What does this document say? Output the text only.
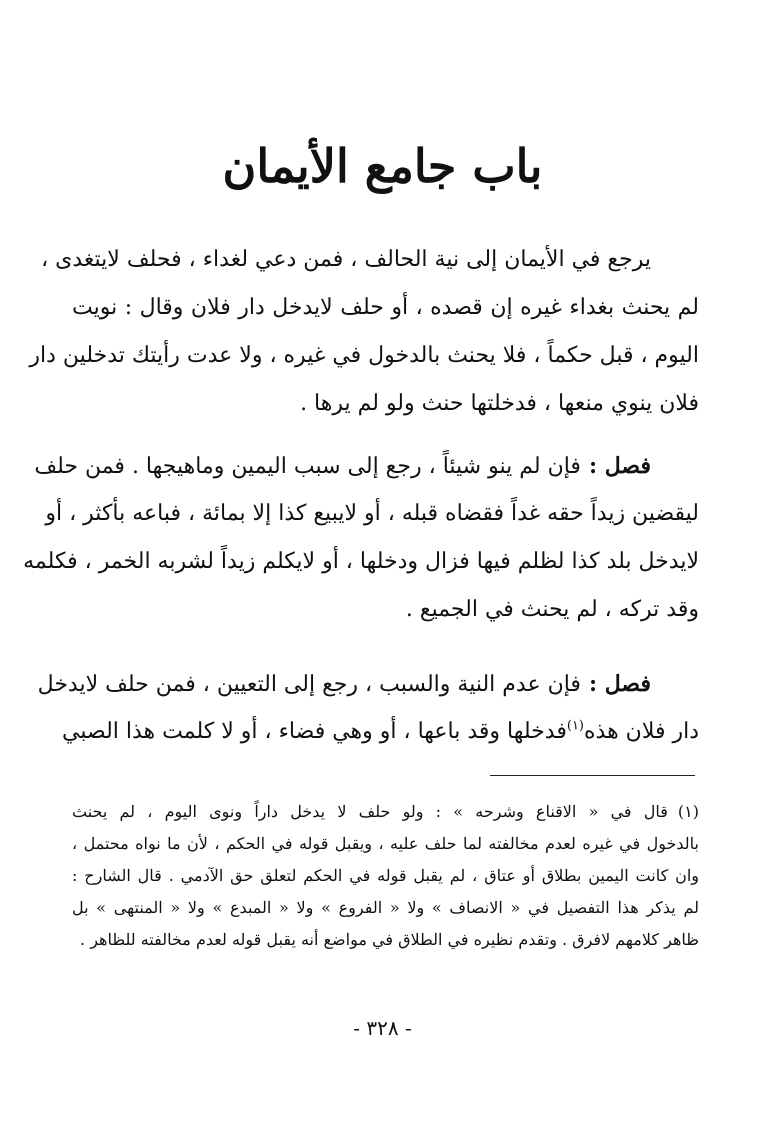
باب جامع الأيمان
يرجع في الأيمان إلى نية الحالف ، فمن دعي لغداء ، فحلف لايتغدى ،
لم يحنث بغداء غيره إن قصده ، أو حلف لايدخل دار فلان وقال : نويت
اليوم ، قبل حكماً ، فلا يحنث بالدخول في غيره ، ولا عدت رأيتك تدخلين دار
فلان ينوي منعها ، فدخلتها حنث ولو لم يرها .
فصل :فإن لم ينو شيئاً ، رجع إلى سبب اليمين وماهيجها . فمن حلف
ليقضين زيداً حقه غداً فقضاه قبله ، أو لايبيع كذا إلا بمائة ، فباعه بأكثر ، أو
لايدخل بلد كذا لظلم فيها فزال ودخلها ، أو لايكلم زيداً لشربه الخمر ، فكلمه
وقد تركه ، لم يحنث في الجميع .
فصل :فإن عدم النية والسبب ، رجع إلى التعيين ، فمن حلف لايدخل
دار فلان هذه$^{(١)}$فدخلها وقد باعها ، أو وهي فضاء ، أو لا كلمت هذا الصبي
(١)قال في « الاقناع وشرحه » : ولو حلف لا يدخل داراً ونوى اليوم ، لم يحنث
بالدخول في غيره لعدم مخالفته لما حلف عليه ، ويقبل قوله في الحكم ، لأن ما نواه محتمل ،
وان كانت اليمين بطلاق أو عتاق ، لم يقبل قوله في الحكم لتعلق حق الآدمي . قال الشارح :
لم يذكر هذا التفصيل في « الانصاف » ولا « الفروع » ولا « المبدع » ولا « المنتهى » بل
ظاهر كلامهم لافرق . وتقدم نظيره في الطلاق في مواضع أنه يقبل قوله لعدم مخالفته للظاهر .
- ٣٢٨ -
